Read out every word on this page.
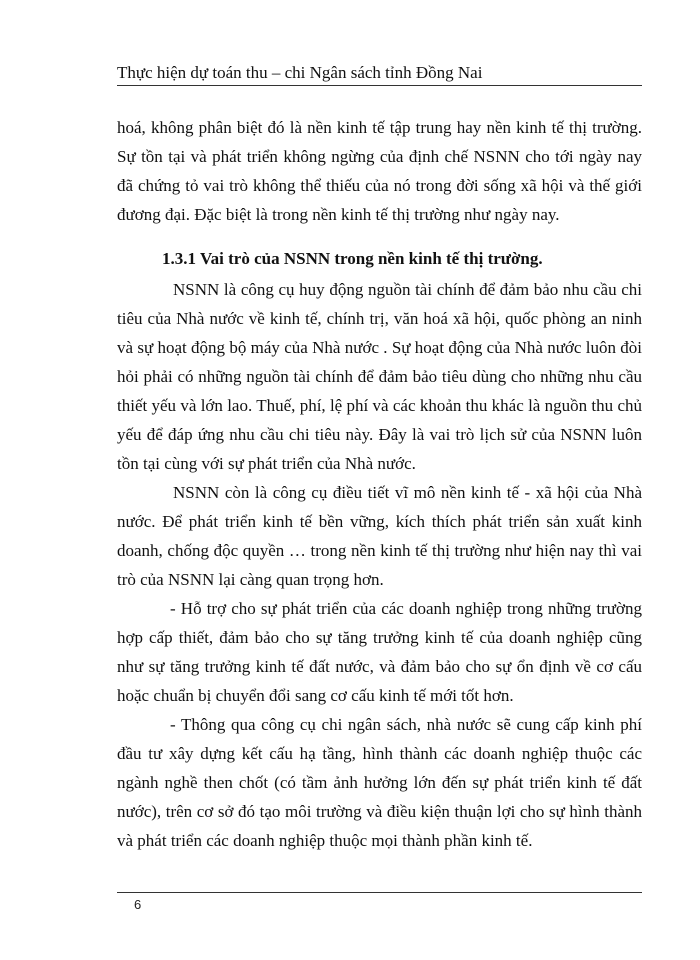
Thực hiện dự toán thu – chi Ngân sách tỉnh Đồng Nai

hoá, không phân biệt đó là nền kinh tế tập trung hay nền kinh tế thị trường. Sự tồn tại và phát triển không ngừng của định chế NSNN cho tới ngày nay đã chứng tỏ vai trò không thể thiếu của nó trong đời sống xã hội và thế giới đương đại. Đặc biệt là trong nền kinh tế thị trường như ngày nay.

1.3.1 Vai trò của NSNN trong nền kinh tế thị trường.

NSNN là công cụ huy động nguồn tài chính để đảm bảo nhu cầu chi tiêu của Nhà nước về kinh tế, chính trị, văn hoá xã hội, quốc phòng an ninh và sự hoạt động bộ máy của Nhà nước . Sự hoạt động của Nhà nước luôn đòi hỏi phải có những nguồn tài chính để đảm bảo tiêu dùng cho những nhu cầu thiết yếu và lớn lao. Thuế, phí, lệ phí và các khoản thu khác là nguồn thu chủ yếu để đáp ứng nhu cầu chi tiêu này. Đây là vai trò lịch sử của NSNN luôn tồn tại cùng với sự phát triển của Nhà nước.

NSNN còn là công cụ điều tiết vĩ mô nền kinh tế - xã hội của Nhà nước. Để phát triển kinh tế bền vững, kích thích phát triển sản xuất kinh doanh, chống độc quyền … trong nền kinh tế thị trường như hiện nay thì vai trò của NSNN lại càng quan trọng hơn.

- Hỗ trợ cho sự phát triển của các doanh nghiệp trong những trường hợp cấp thiết, đảm bảo cho sự tăng trưởng kinh tế của doanh nghiệp cũng như sự tăng trưởng kinh tế đất nước, và đảm bảo cho sự ổn định về cơ cấu hoặc chuẩn bị chuyển đổi sang cơ cấu kinh tế mới tốt hơn.

- Thông qua công cụ chi ngân sách, nhà nước sẽ cung cấp kinh phí đầu tư xây dựng kết cấu hạ tầng, hình thành các doanh nghiệp thuộc các ngành nghề then chốt (có tầm ảnh hưởng lớn đến sự phát triển kinh tế đất nước), trên cơ sở đó tạo môi trường và điều kiện thuận lợi cho sự hình thành và phát triển các doanh nghiệp thuộc mọi thành phần kinh tế.

6
